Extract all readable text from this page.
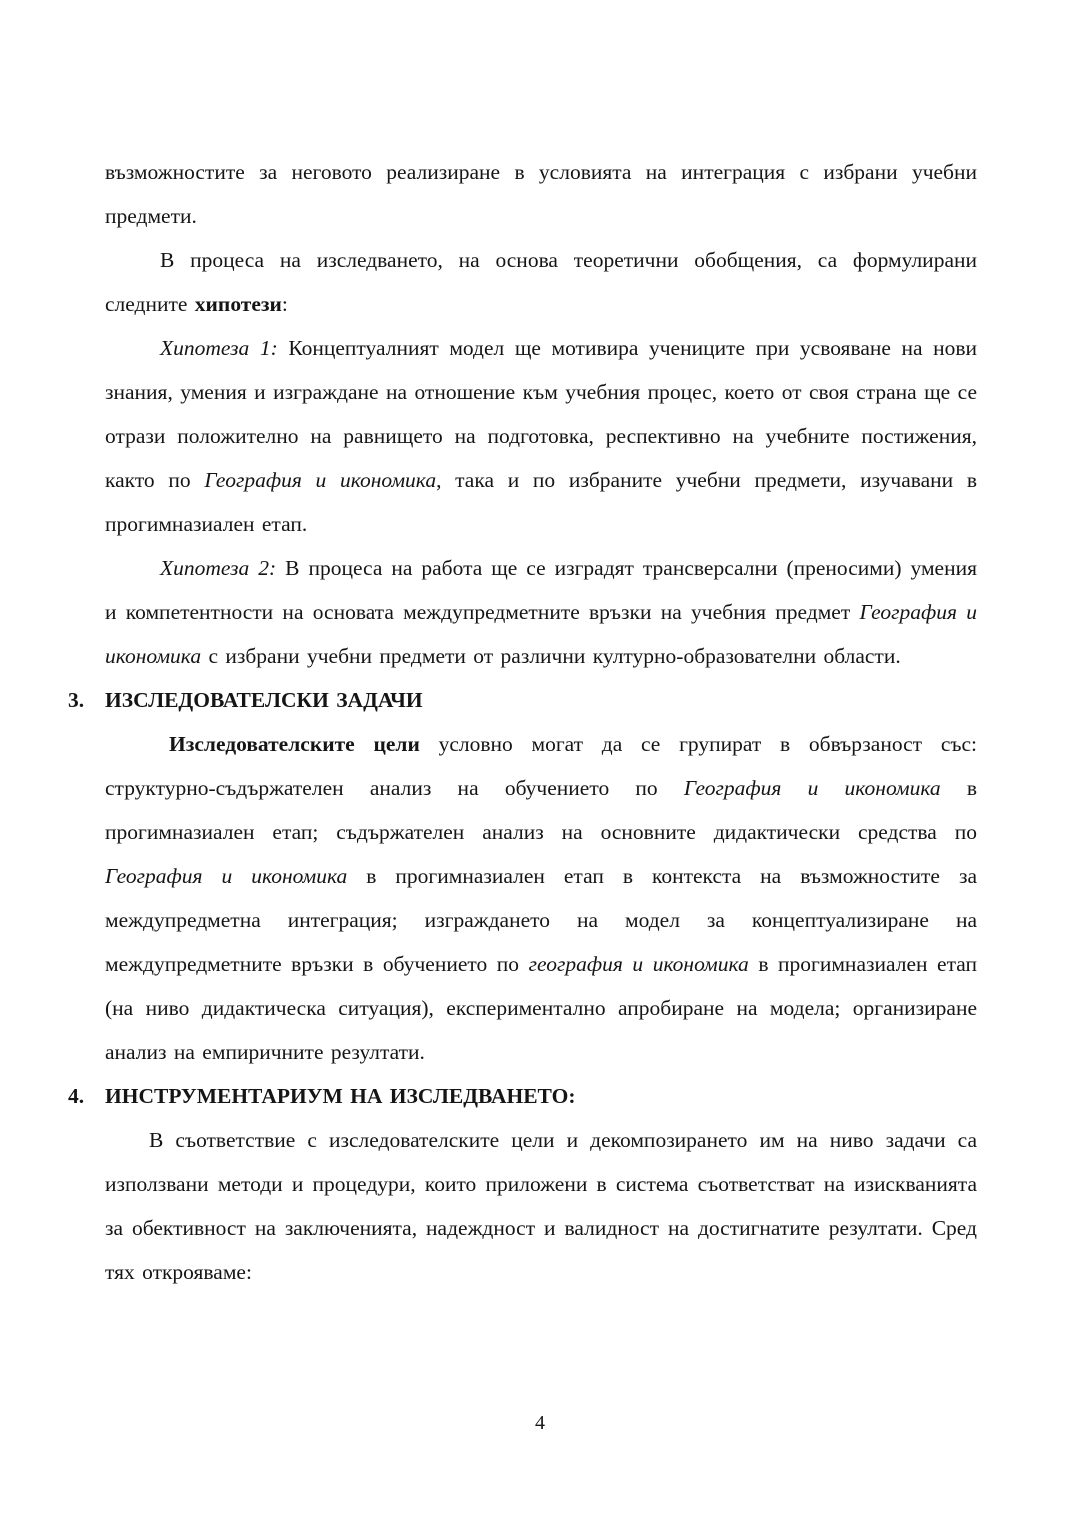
възможностите за неговото реализиране в условията на интеграция с избрани учебни предмети.

В процеса на изследването, на основа теоретични обобщения, са формулирани следните хипотези:

Хипотеза 1: Концептуалният модел ще мотивира учениците при усвояване на нови знания, умения и изграждане на отношение към учебния процес, което от своя страна ще се отрази положително на равнището на подготовка, респективно на учебните постижения, както по География и икономика, така и по избраните учебни предмети, изучавани в прогимназиален етап.

Хипотеза 2: В процеса на работа ще се изградят трансверсални (преносими) умения и компетентности на основата междупредметните връзки на учебния предмет География и икономика с избрани учебни предмети от различни културно-образователни области.

3. ИЗСЛЕДОВАТЕЛСКИ ЗАДАЧИ

Изследователските цели условно могат да се групират в обвързаност със: структурно-съдържателен анализ на обучението по География и икономика в прогимназиален етап; съдържателен анализ на основните дидактически средства по География и икономика в прогимназиален етап в контекста на възможностите за междупредметна интеграция; изграждането на модел за концептуализиране на междупредметните връзки в обучението по география и икономика в прогимназиален етап (на ниво дидактическа ситуация), експериментално апробиране на модела; организиране анализ на емпиричните резултати.

4. ИНСТРУМЕНТАРИУМ НА ИЗСЛЕДВАНЕТО:

В съответствие с изследователските цели и декомпозирането им на ниво задачи са използвани методи и процедури, които приложени в система съответстват на изискванията за обективност на заключенията, надеждност и валидност на достигнатите резултати. Сред тях открояваме:

4
